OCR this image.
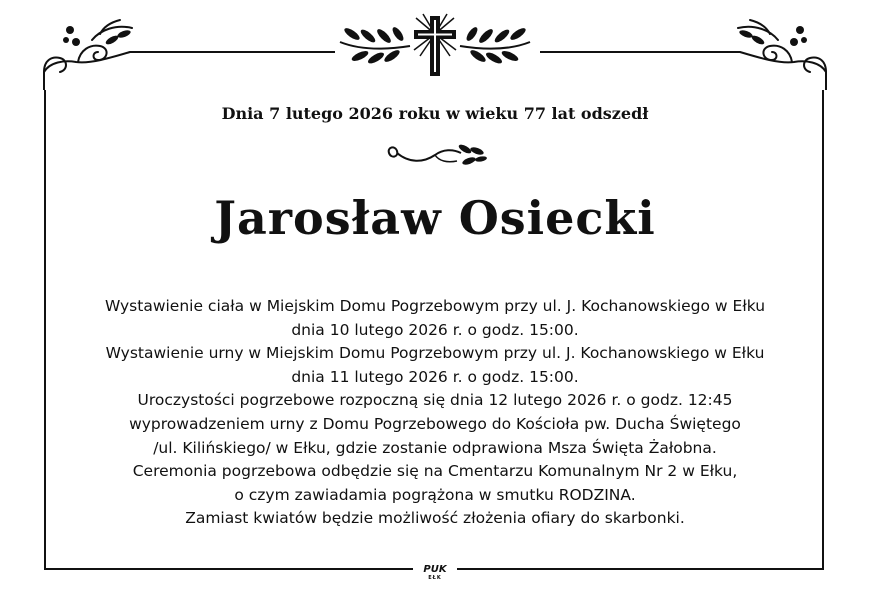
Dnia 7 lutego 2026 roku w wieku 77 lat odszedł
Jarosław Osiecki
Wystawienie ciała w Miejskim Domu Pogrzebowym przy ul. J. Kochanowskiego w Ełku
dnia 10 lutego 2026 r. o godz. 15:00.
Wystawienie urny w Miejskim Domu Pogrzebowym przy ul. J. Kochanowskiego w Ełku
dnia 11 lutego 2026 r. o godz. 15:00.
Uroczystości pogrzebowe rozpoczną się dnia 12 lutego 2026 r. o godz. 12:45
wyprowadzeniem urny z Domu Pogrzebowego do Kościoła pw. Ducha Świętego
/ul. Kilińskiego/ w Ełku, gdzie zostanie odprawiona Msza Święta Żałobna.
Ceremonia pogrzebowa odbędzie się na Cmentarzu Komunalnym Nr 2 w Ełku,
o czym zawiadamia pogrążona w smutku RODZINA.
Zamiast kwiatów będzie możliwość złożenia ofiary do skarbonki.
PUK
EŁK
